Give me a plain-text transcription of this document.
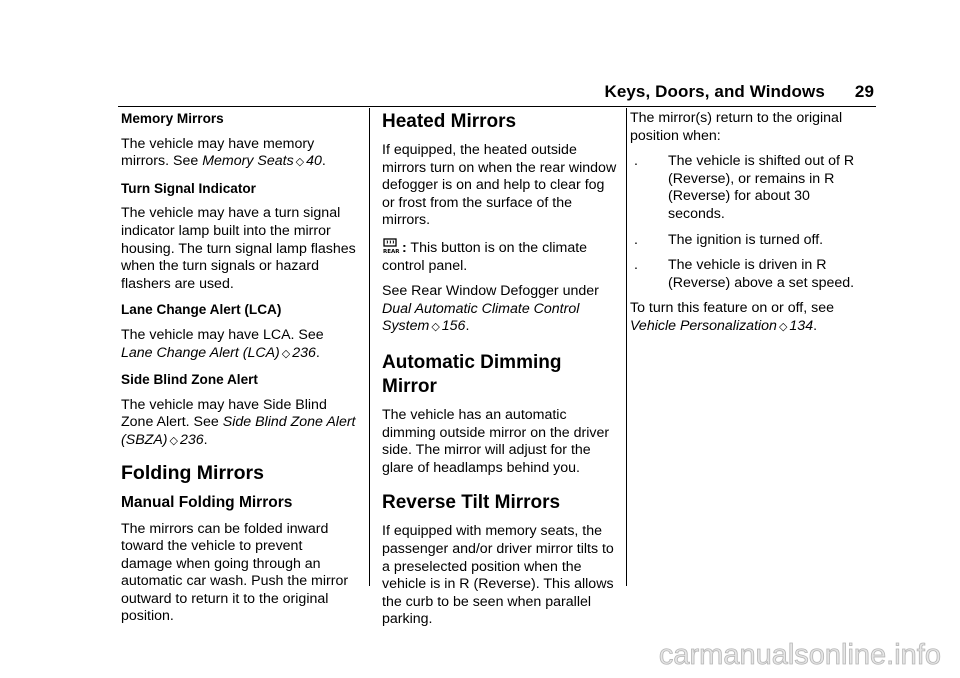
Keys, Doors, and Windows 29

Memory Mirrors

The vehicle may have memory mirrors. See Memory Seats ◇ 40.

Turn Signal Indicator

The vehicle may have a turn signal indicator lamp built into the mirror housing. The turn signal lamp flashes when the turn signals or hazard flashers are used.

Lane Change Alert (LCA)

The vehicle may have LCA. See Lane Change Alert (LCA) ◇ 236.

Side Blind Zone Alert

The vehicle may have Side Blind Zone Alert. See Side Blind Zone Alert (SBZA) ◇ 236.

Folding Mirrors
Manual Folding Mirrors

The mirrors can be folded inward toward the vehicle to prevent damage when going through an automatic car wash. Push the mirror outward to return it to the original position.

Heated Mirrors

If equipped, the heated outside mirrors turn on when the rear window defogger is on and help to clear fog or frost from the surface of the mirrors.

REAR : This button is on the climate control panel.

See Rear Window Defogger under Dual Automatic Climate Control System ◇ 156.

Automatic Dimming Mirror

The vehicle has an automatic dimming outside mirror on the driver side. The mirror will adjust for the glare of headlamps behind you.

Reverse Tilt Mirrors

If equipped with memory seats, the passenger and/or driver mirror tilts to a preselected position when the vehicle is in R (Reverse). This allows the curb to be seen when parallel parking.

The mirror(s) return to the original position when:

.	The vehicle is shifted out of R (Reverse), or remains in R (Reverse) for about 30 seconds.
.	The ignition is turned off.
.	The vehicle is driven in R (Reverse) above a set speed.

To turn this feature on or off, see Vehicle Personalization ◇ 134.

carmanualsonline.info
